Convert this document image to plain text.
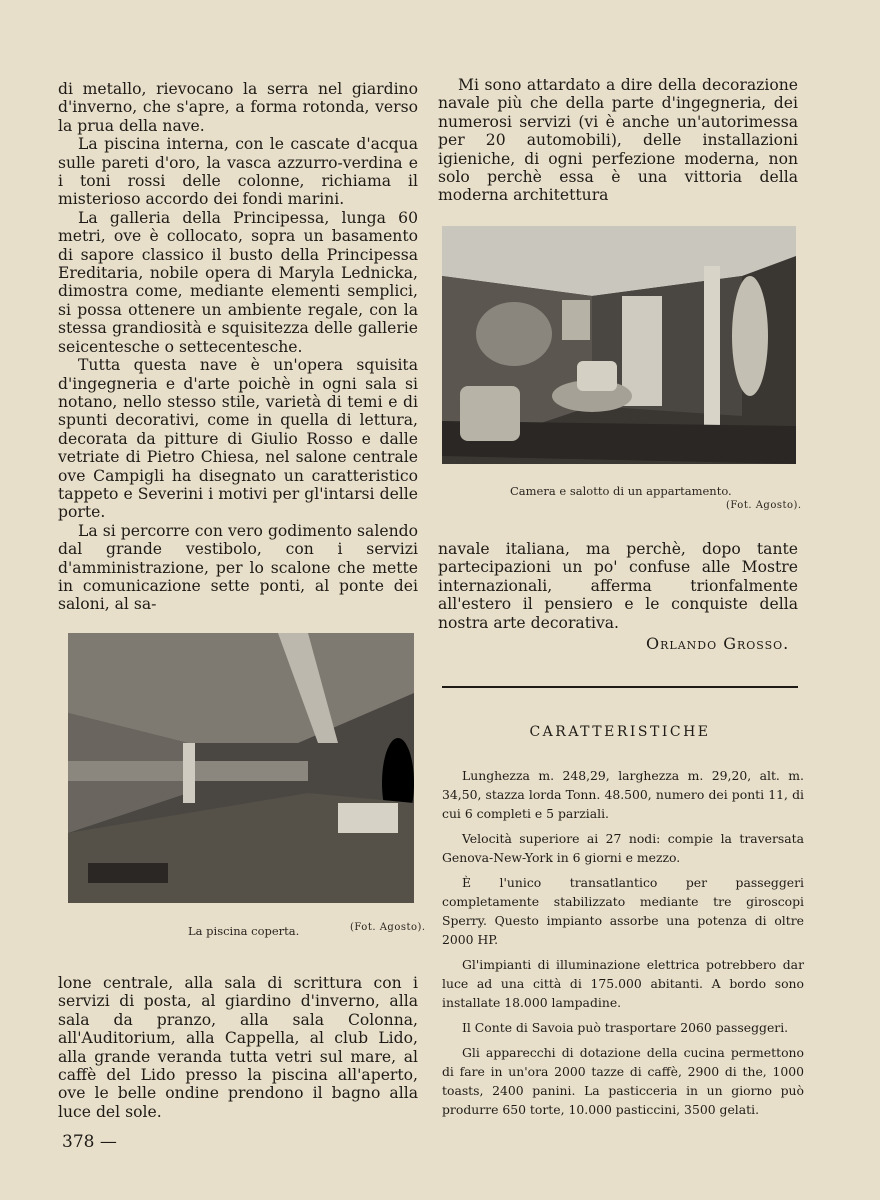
di metallo, rievocano la serra nel giardino d'inverno, che s'apre, a forma rotonda, verso la prua della nave.

La piscina interna, con le cascate d'acqua sulle pareti d'oro, la vasca azzurro-verdina e i toni rossi delle colonne, richiama il misterioso accordo dei fondi marini.

La galleria della Principessa, lunga 60 metri, ove è collocato, sopra un basamento di sapore classico il busto della Principessa Ereditaria, nobile opera di Maryla Lednicka, dimostra come, mediante elementi semplici, si possa ottenere un ambiente regale, con la stessa grandiosità e squisitezza delle gallerie seicentesche o settecentesche.

Tutta questa nave è un'opera squisita d'ingegneria e d'arte poichè in ogni sala si notano, nello stesso stile, varietà di temi e di spunti decorativi, come in quella di lettura, decorata da pitture di Giulio Rosso e dalle vetriate di Pietro Chiesa, nel salone centrale ove Campigli ha disegnato un caratteristico tappeto e Severini i motivi per gl'intarsi delle porte.

La si percorre con vero godimento salendo dal grande vestibolo, con i servizi d'amministrazione, per lo scalone che mette in comunicazione sette ponti, al ponte dei saloni, al sa-

Mi sono attardato a dire della decorazione navale più che della parte d'ingegneria, dei numerosi servizi (vi è anche un'autorimessa per 20 automobili), delle installazioni igieniche, di ogni perfezione moderna, non solo perchè essa è una vittoria della moderna architettura

Camera e salotto di un appartamento.
(Fot. Agosto).

navale italiana, ma perchè, dopo tante partecipazioni un po' confuse alle Mostre internazionali, afferma trionfalmente all'estero il pensiero e le conquiste della nostra arte decorativa.

Orlando Grosso.
La piscina coperta.	(Fot. Agosto).

lone centrale, alla sala di scrittura con i servizi di posta, al giardino d'inverno, alla sala da pranzo, alla sala Colonna, all'Auditorium, alla Cappella, al club Lido, alla grande veranda tutta vetri sul mare, al caffè del Lido presso la piscina all'aperto, ove le belle ondine prendono il bagno alla luce del sole.

CARATTERISTICHE

Lunghezza m. 248,29, larghezza m. 29,20, alt. m. 34,50, stazza lorda Tonn. 48.500, numero dei ponti 11, di cui 6 completi e 5 parziali.

Velocità superiore ai 27 nodi: compie la traversata Genova-New-York in 6 giorni e mezzo.

È l'unico transatlantico per passeggeri completamente stabilizzato mediante tre giroscopi Sperry. Questo impianto assorbe una potenza di oltre 2000 HP.

Gl'impianti di illuminazione elettrica potrebbero dar luce ad una città di 175.000 abitanti. A bordo sono installate 18.000 lampadine.

Il Conte di Savoia può trasportare 2060 passeggeri.

Gli apparecchi di dotazione della cucina permettono di fare in un'ora 2000 tazze di caffè, 2900 di the, 1000 toasts, 2400 panini. La pasticceria in un giorno può produrre 650 torte, 10.000 pasticcini, 3500 gelati.

378 —
